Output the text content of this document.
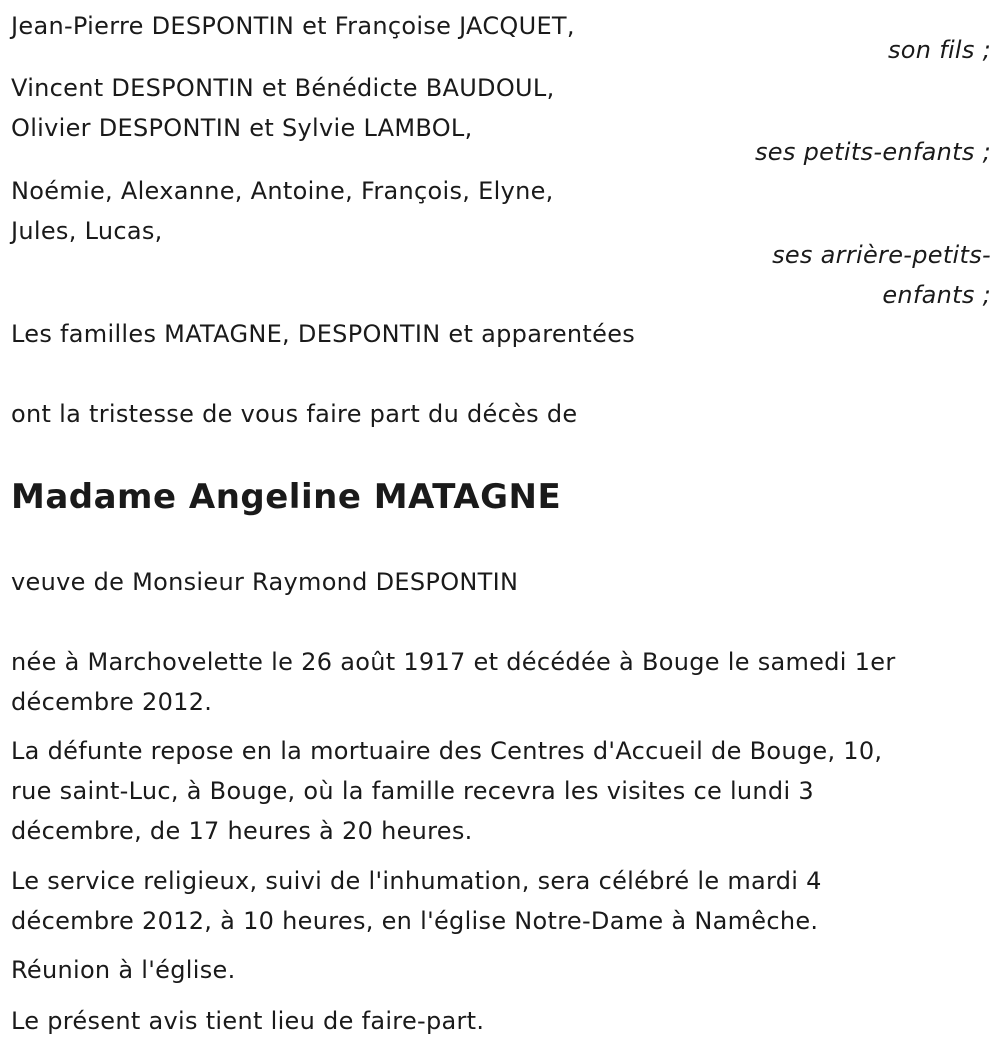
Jean-Pierre DESPONTIN et Françoise JACQUET,
son fils ;
Vincent DESPONTIN et Bénédicte BAUDOUL,
Olivier DESPONTIN et Sylvie LAMBOL,
ses petits-enfants ;
Noémie, Alexanne, Antoine, François, Elyne,
Jules, Lucas,
ses arrière-petits-
enfants ;
Les familles MATAGNE, DESPONTIN et apparentées
ont la tristesse de vous faire part du décès de
Madame Angeline MATAGNE
veuve de Monsieur Raymond DESPONTIN
née à Marchovelette le 26 août 1917 et décédée à Bouge le samedi 1er
décembre 2012.
La défunte repose en la mortuaire des Centres d'Accueil de Bouge, 10,
rue saint-Luc, à Bouge, où la famille recevra les visites ce lundi 3
décembre, de 17 heures à 20 heures.
Le service religieux, suivi de l'inhumation, sera célébré le mardi 4
décembre 2012, à 10 heures, en l'église Notre-Dame à Namêche.
Réunion à l'église.
Le présent avis tient lieu de faire-part.
